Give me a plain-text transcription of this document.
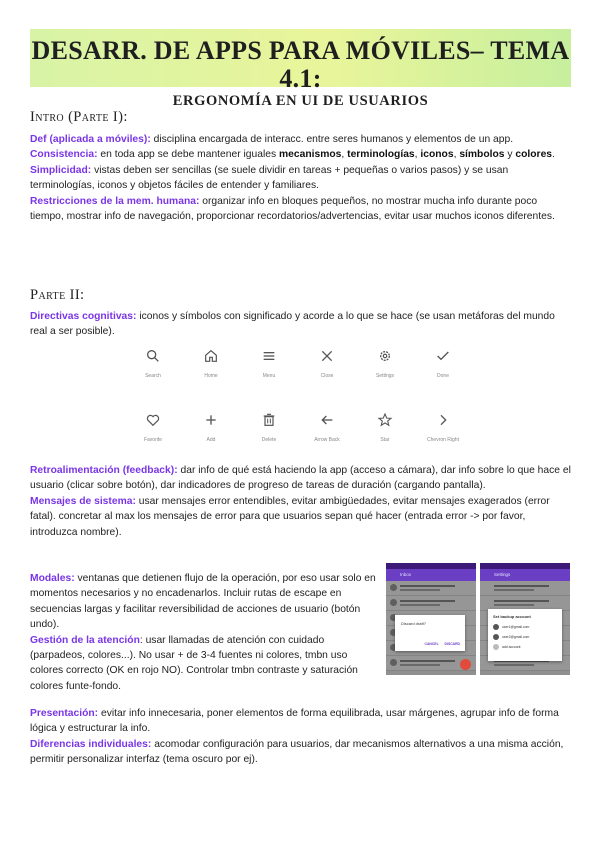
DESARR. DE APPS PARA MÓVILES– TEMA 4.1:
ERGONOMÍA EN UI DE USUARIOS
Intro (Parte I):

Def (aplicada a móviles): disciplina encargada de interacc. entre seres humanos y elementos de un app.

Consistencia: en toda app se debe mantener iguales mecanismos, terminologías, iconos, símbolos y colores.

Simplicidad: vistas deben ser sencillas (se suele dividir en tareas + pequeñas o varios pasos) y se usan terminologías, iconos y objetos fáciles de entender y familiares.

Restricciones de la mem. humana: organizar info en bloques pequeños, no mostrar mucha info durante poco tiempo, mostrar info de navegación, proporcionar recordatorios/advertencias, evitar usar muchos iconos diferentes.

Parte II:

Directivas cognitivas: iconos y símbolos con significado y acorde a lo que se hace (se usan metáforas del mundo real a ser posible).

Search	Home	Menu	Close	Settings	Done
Favorite	Add	Delete	Arrow Back	Star	Chevron Right

Retroalimentación (feedback): dar info de qué está haciendo la app (acceso a cámara), dar info sobre lo que hace el usuario (clicar sobre botón), dar indicadores de progreso de tareas de duración (cargando pantalla).

Mensajes de sistema: usar mensajes error entendibles, evitar ambigüedades, evitar mensajes exagerados (error fatal). concretar al max los mensajes de error para que usuarios sepan qué hacer (entrada error -> por favor, introduzca nombre).

Modales: ventanas que detienen flujo de la operación, por eso usar solo en momentos necesarios y no encadenarlos. Incluir rutas de escape en secuencias largas y facilitar reversibilidad de acciones de usuario (botón undo).

Gestión de la atención: usar llamadas de atención con cuidado (parpadeos, colores...). No usar + de 3-4 fuentes ni colores, tmbn uso colores correcto (OK en rojo NO). Controlar tmbn contraste y saturación colores funte-fondo.

Inbox
Discard draft?
CANCEL DISCARD
Settings
Set backup account
user1@gmail.com
user2@gmail.com
add account

Presentación: evitar info innecesaria, poner elementos de forma equilibrada, usar márgenes, agrupar info de forma lógica y estructurar la info.

Diferencias individuales: acomodar configuración para usuarios, dar mecanismos alternativos a una misma acción, permitir personalizar interfaz (tema oscuro por ej).
